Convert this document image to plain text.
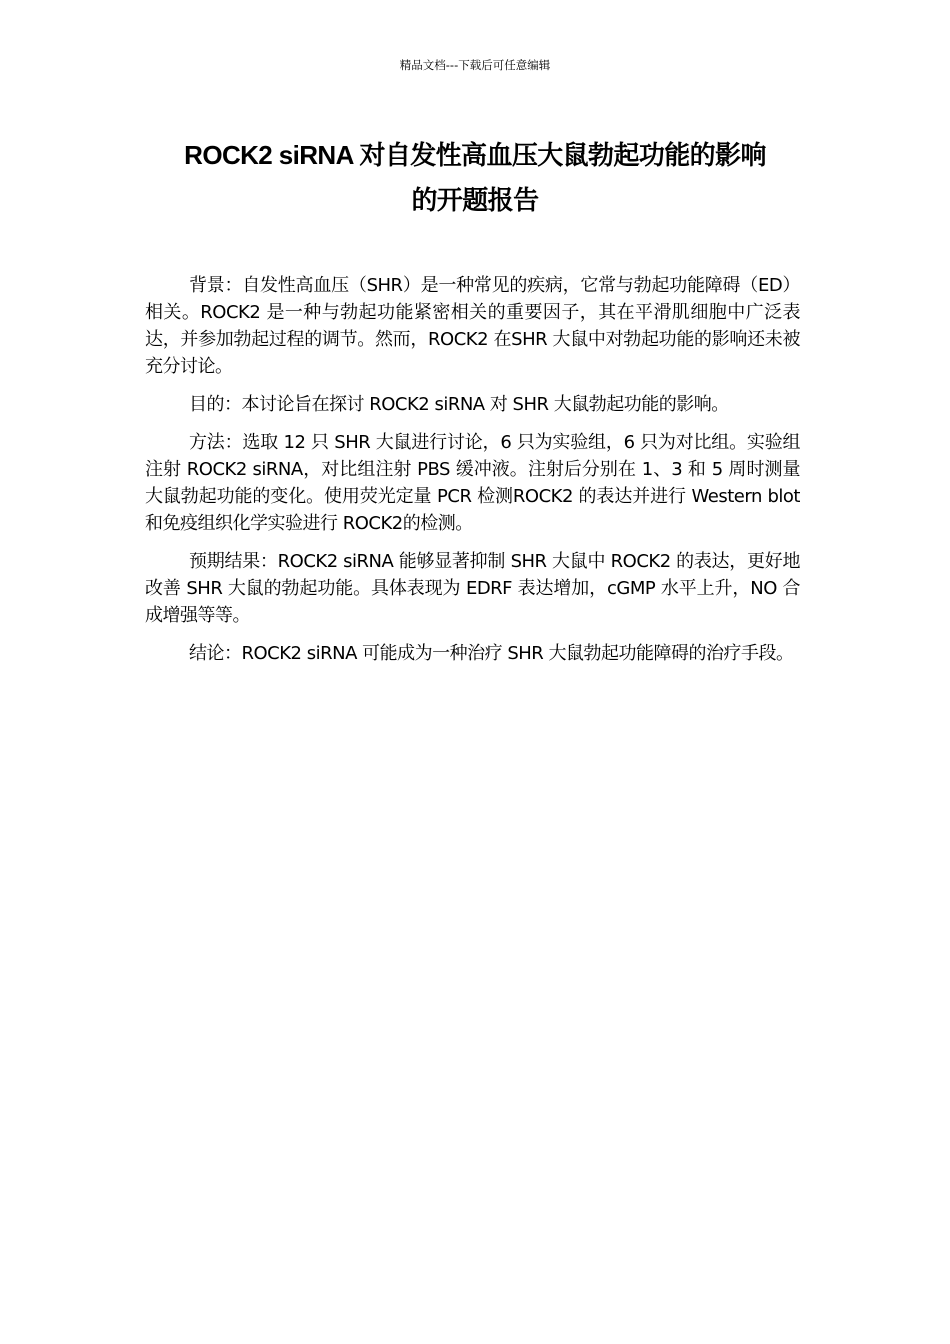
精品文档---下载后可任意编辑
ROCK2 siRNA 对自发性高血压大鼠勃起功能的影响
的开题报告

背景：自发性高血压（SHR）是一种常见的疾病，它常与勃起功能障碍（ED）相关。ROCK2 是一种与勃起功能紧密相关的重要因子，其在平滑肌细胞中广泛表达，并参加勃起过程的调节。然而，ROCK2 在SHR 大鼠中对勃起功能的影响还未被充分讨论。

目的：本讨论旨在探讨 ROCK2 siRNA 对 SHR 大鼠勃起功能的影响。

方法：选取 12 只 SHR 大鼠进行讨论，6 只为实验组，6 只为对比组。实验组注射 ROCK2 siRNA，对比组注射 PBS 缓冲液。注射后分别在 1、3 和 5 周时测量大鼠勃起功能的变化。使用荧光定量 PCR 检测ROCK2 的表达并进行 Western blot 和免疫组织化学实验进行 ROCK2的检测。

预期结果：ROCK2 siRNA 能够显著抑制 SHR 大鼠中 ROCK2 的表达，更好地改善 SHR 大鼠的勃起功能。具体表现为 EDRF 表达增加，cGMP 水平上升，NO 合成增强等等。

结论：ROCK2 siRNA 可能成为一种治疗 SHR 大鼠勃起功能障碍的治疗手段。
